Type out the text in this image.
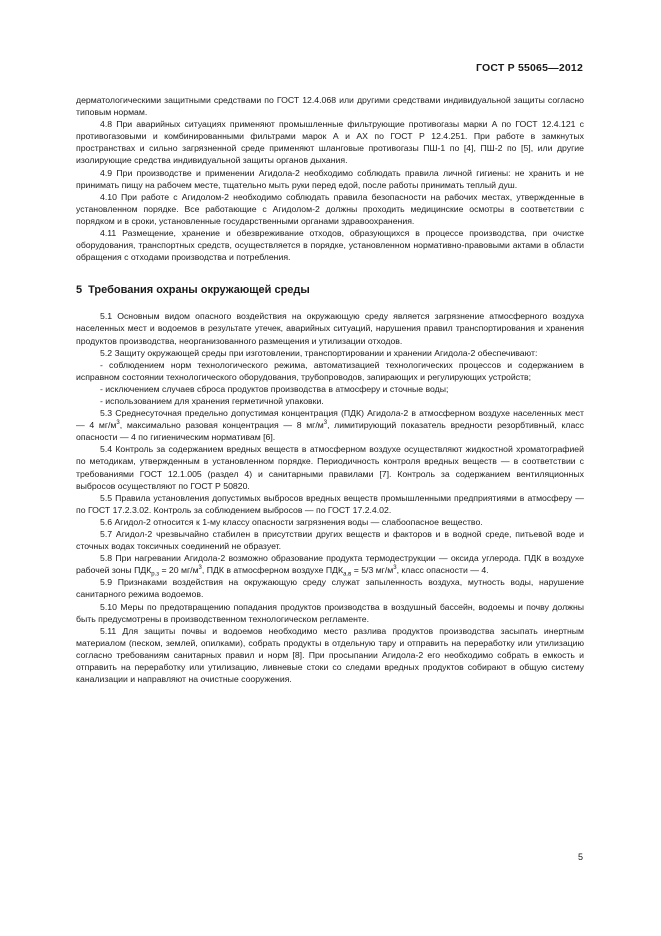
ГОСТ Р 55065—2012

дерматологическими защитными средствами по ГОСТ 12.4.068 или другими средствами индивидуальной защиты согласно типовым нормам.

4.8 При аварийных ситуациях применяют промышленные фильтрующие противогазы марки А по ГОСТ 12.4.121 с противогазовыми и комбинированными фильтрами марок А и АХ по ГОСТ Р 12.4.251. При работе в замкнутых пространствах и сильно загрязненной среде применяют шланговые противогазы ПШ-1 по [4], ПШ-2 по [5], или другие изолирующие средства индивидуальной защиты органов дыхания.

4.9 При производстве и применении Агидола-2 необходимо соблюдать правила личной гигиены: не хранить и не принимать пищу на рабочем месте, тщательно мыть руки перед едой, после работы принимать теплый душ.

4.10 При работе с Агидолом-2 необходимо соблюдать правила безопасности на рабочих местах, утвержденные в установленном порядке. Все работающие с Агидолом-2 должны проходить медицинские осмотры в соответствии с порядком и в сроки, установленные государственными органами здравоохранения.

4.11 Размещение, хранение и обезвреживание отходов, образующихся в процессе производства, при очистке оборудования, транспортных средств, осуществляется в порядке, установленном нормативно-правовыми актами в области обращения с отходами производства и потребления.

5 Требования охраны окружающей среды

5.1 Основным видом опасного воздействия на окружающую среду является загрязнение атмосферного воздуха населенных мест и водоемов в результате утечек, аварийных ситуаций, нарушения правил транспортирования и хранения продуктов производства, неорганизованного размещения и утилизации отходов.

5.2 Защиту окружающей среды при изготовлении, транспортировании и хранении Агидола-2 обеспечивают:

- соблюдением норм технологического режима, автоматизацией технологических процессов и содержанием в исправном состоянии технологического оборудования, трубопроводов, запирающих и регулирующих устройств;

- исключением случаев сброса продуктов производства в атмосферу и сточные воды;

- использованием для хранения герметичной упаковки.

5.3 Среднесуточная предельно допустимая концентрация (ПДК) Агидола-2 в атмосферном воздухе населенных мест — 4 $мг/м^3$, максимально разовая концентрация — 8 $мг/м^3$, лимитирующий показатель вредности резорбтивный, класс опасности — 4 по гигиеническим нормативам [6].

5.4 Контроль за содержанием вредных веществ в атмосферном воздухе осуществляют жидкостной хроматографией по методикам, утвержденным в установленном порядке. Периодичность контроля вредных веществ — в соответствии с требованиями ГОСТ 12.1.005 (раздел 4) и санитарными правилами [7]. Контроль за содержанием вентиляционных выбросов осуществляют по ГОСТ Р 50820.

5.5 Правила установления допустимых выбросов вредных веществ промышленными предприятиями в атмосферу — по ГОСТ 17.2.3.02. Контроль за соблюдением выбросов — по ГОСТ 17.2.4.02.

5.6 Агидол-2 относится к 1-му классу опасности загрязнения воды — слабоопасное вещество.

5.7 Агидол-2 чрезвычайно стабилен в присутствии других веществ и факторов и в водной среде, питьевой воде и сточных водах токсичных соединений не образует.

5.8 При нагревании Агидола-2 возможно образование продукта термодеструкции — оксида углерода. ПДК в воздухе рабочей зоны $ПДК_{р.з} = 20$ $мг/м^3$, ПДК в атмосферном воздухе $ПДК_{а.в} = 5/3$ $мг/м^3$, класс опасности — 4.

5.9 Признаками воздействия на окружающую среду служат запыленность воздуха, мутность воды, нарушение санитарного режима водоемов.

5.10 Меры по предотвращению попадания продуктов производства в воздушный бассейн, водоемы и почву должны быть предусмотрены в производственном технологическом регламенте.

5.11 Для защиты почвы и водоемов необходимо место разлива продуктов производства засыпать инертным материалом (песком, землей, опилками), собрать продукты в отдельную тару и отправить на переработку или утилизацию согласно требованиям санитарных правил и норм [8]. При просыпании Агидола-2 его необходимо собрать в емкость и отправить на переработку или утилизацию, ливневые стоки со следами вредных продуктов собирают в общую систему канализации и направляют на очистные сооружения.

5
